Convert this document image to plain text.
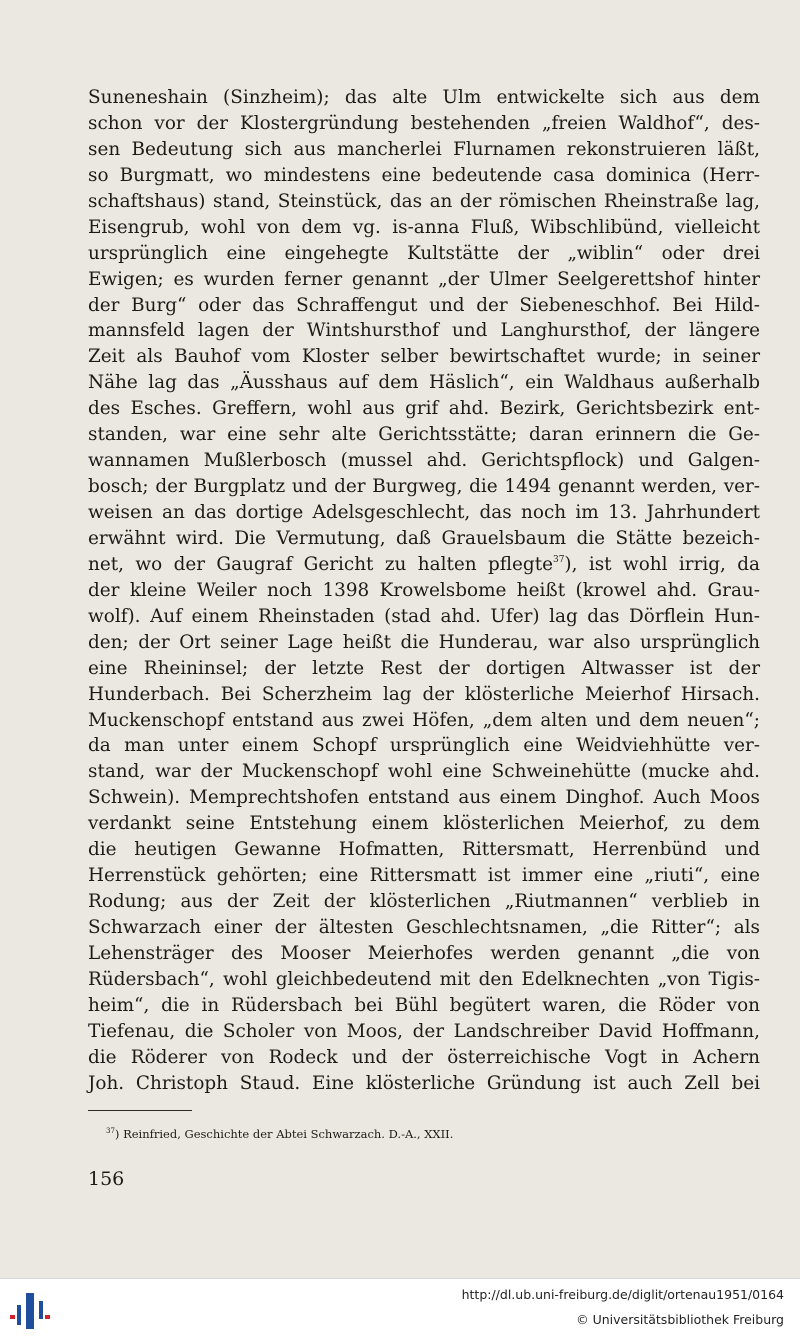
Suneneshain (Sinzheim); das alte Ulm entwickelte sich aus dem
schon vor der Klostergründung bestehenden „freien Waldhof“, des-
sen Bedeutung sich aus mancherlei Flurnamen rekonstruieren läßt,
so Burgmatt, wo mindestens eine bedeutende casa dominica (Herr-
schaftshaus) stand, Steinstück, das an der römischen Rheinstraße lag,
Eisengrub, wohl von dem vg. is-anna Fluß, Wibschlibünd, vielleicht
ursprünglich eine eingehegte Kultstätte der „wiblin“ oder drei
Ewigen; es wurden ferner genannt „der Ulmer Seelgerettshof hinter
der Burg“ oder das Schraffengut und der Siebeneschhof. Bei Hild-
mannsfeld lagen der Wintshursthof und Langhursthof, der längere
Zeit als Bauhof vom Kloster selber bewirtschaftet wurde; in seiner
Nähe lag das „Äusshaus auf dem Häslich“, ein Waldhaus außerhalb
des Esches. Greffern, wohl aus grif ahd. Bezirk, Gerichtsbezirk ent-
standen, war eine sehr alte Gerichtsstätte; daran erinnern die Ge-
wannamen Mußlerbosch (mussel ahd. Gerichtspflock) und Galgen-
bosch; der Burgplatz und der Burgweg, die 1494 genannt werden, ver-
weisen an das dortige Adelsgeschlecht, das noch im 13. Jahrhundert
erwähnt wird. Die Vermutung, daß Grauelsbaum die Stätte bezeich-
net, wo der Gaugraf Gericht zu halten pflegte$^{37}$), ist wohl irrig, da
der kleine Weiler noch 1398 Krowelsbome heißt (krowel ahd. Grau-
wolf). Auf einem Rheinstaden (stad ahd. Ufer) lag das Dörflein Hun-
den; der Ort seiner Lage heißt die Hunderau, war also ursprünglich
eine Rheininsel; der letzte Rest der dortigen Altwasser ist der
Hunderbach. Bei Scherzheim lag der klösterliche Meierhof Hirsach.
Muckenschopf entstand aus zwei Höfen, „dem alten und dem neuen“;
da man unter einem Schopf ursprünglich eine Weidviehhütte ver-
stand, war der Muckenschopf wohl eine Schweinehütte (mucke ahd.
Schwein). Memprechtshofen entstand aus einem Dinghof. Auch Moos
verdankt seine Entstehung einem klösterlichen Meierhof, zu dem
die heutigen Gewanne Hofmatten, Rittersmatt, Herrenbünd und
Herrenstück gehörten; eine Rittersmatt ist immer eine „riuti“, eine
Rodung; aus der Zeit der klösterlichen „Riutmannen“ verblieb in
Schwarzach einer der ältesten Geschlechtsnamen, „die Ritter“; als
Lehensträger des Mooser Meierhofes werden genannt „die von
Rüdersbach“, wohl gleichbedeutend mit den Edelknechten „von Tigis-
heim“, die in Rüdersbach bei Bühl begütert waren, die Röder von
Tiefenau, die Scholer von Moos, der Landschreiber David Hoffmann,
die Röderer von Rodeck und der österreichische Vogt in Achern
Joh. Christoph Staud. Eine klösterliche Gründung ist auch Zell bei
$^{37}$) Reinfried, Geschichte der Abtei Schwarzach. D.-A., XXII.
156
http://dl.ub.uni-freiburg.de/diglit/ortenau1951/0164
© Universitätsbibliothek Freiburg
